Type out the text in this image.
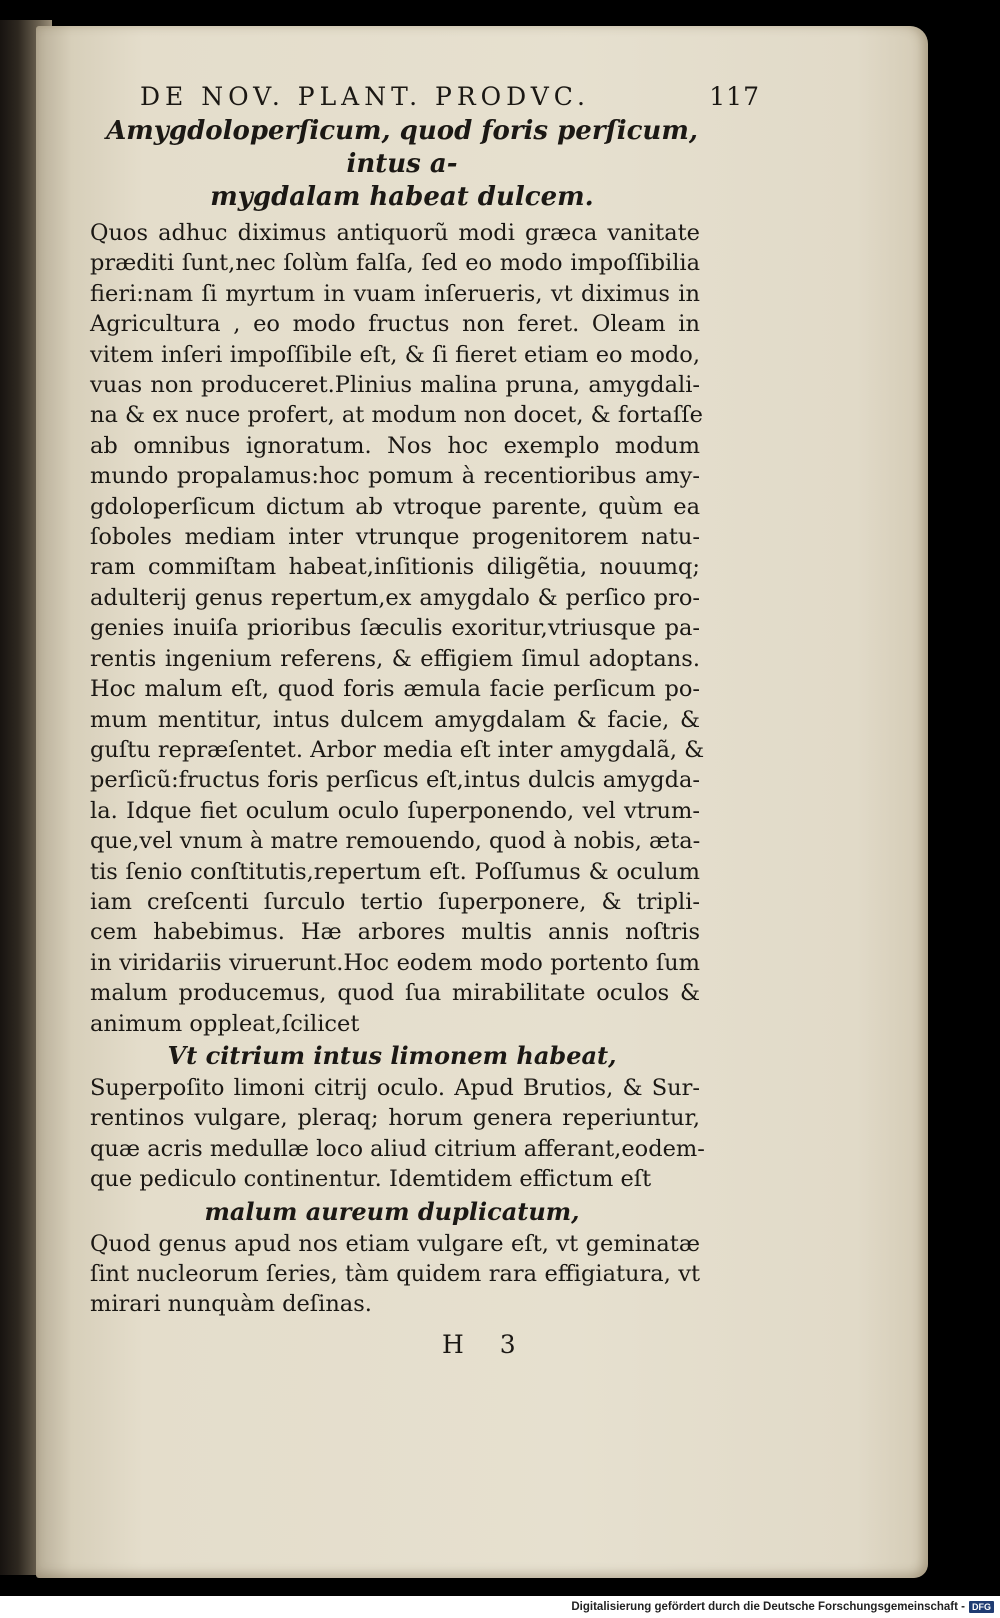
DE NOV. PLANT. PRODVC.	117
Amygdoloperſicum, quod foris perſicum, intus a-
mygdalam habeat dulcem.
Quos adhuc diximus antiquorũ modi græca vanitate
præditi ſunt,nec ſolùm falſa, ſed eo modo impoſſibilia
fieri:nam ſi myrtum in vuam inſerueris, vt diximus in
Agricultura , eo modo fructus non feret. Oleam in
vitem inſeri impoſſibile eſt, & ſi fieret etiam eo modo,
vuas non produceret.Plinius malina pruna, amygdali-
na & ex nuce profert, at modum non docet, & fortaſſe
ab omnibus ignoratum. Nos hoc exemplo modum
mundo propalamus:hoc pomum à recentioribus amy-
gdoloperſicum dictum ab vtroque parente, quùm ea
ſoboles mediam inter vtrunque progenitorem natu-
ram commiſtam habeat,inſitionis diligẽtia, nouumq;
adulterij genus repertum,ex amygdalo & perſico pro-
genies inuiſa prioribus ſæculis exoritur,vtriusque pa-
rentis ingenium referens, & effigiem ſimul adoptans.
Hoc malum eſt, quod foris æmula facie perſicum po-
mum mentitur, intus dulcem amygdalam & facie, &
guſtu repræſentet. Arbor media eſt inter amygdalã, &
perſicũ:fructus foris perſicus eſt,intus dulcis amygda-
la. Idque fiet oculum oculo ſuperponendo, vel vtrum-
que,vel vnum à matre remouendo, quod à nobis, æta-
tis ſenio conſtitutis,repertum eſt. Poſſumus & oculum
iam creſcenti ſurculo tertio ſuperponere, & tripli-
cem habebimus. Hæ arbores multis annis noſtris
in viridariis viruerunt.Hoc eodem modo portento ſum
malum producemus, quod ſua mirabilitate oculos &
animum oppleat,ſcilicet
Vt citrium intus limonem habeat,
Superpoſito limoni citrij oculo. Apud Brutios, & Sur-
rentinos vulgare, pleraq; horum genera reperiuntur,
quæ acris medullæ loco aliud citrium afferant,eodem-
que pediculo continentur. Idemtidem effictum eſt
malum aureum duplicatum,
Quod genus apud nos etiam vulgare eſt, vt geminatæ
ſint nucleorum ſeries, tàm quidem rara effigiatura, vt
mirari nunquàm deſinas.
H 3
Digitalisierung gefördert durch die Deutsche Forschungsgemeinschaft - DFG
